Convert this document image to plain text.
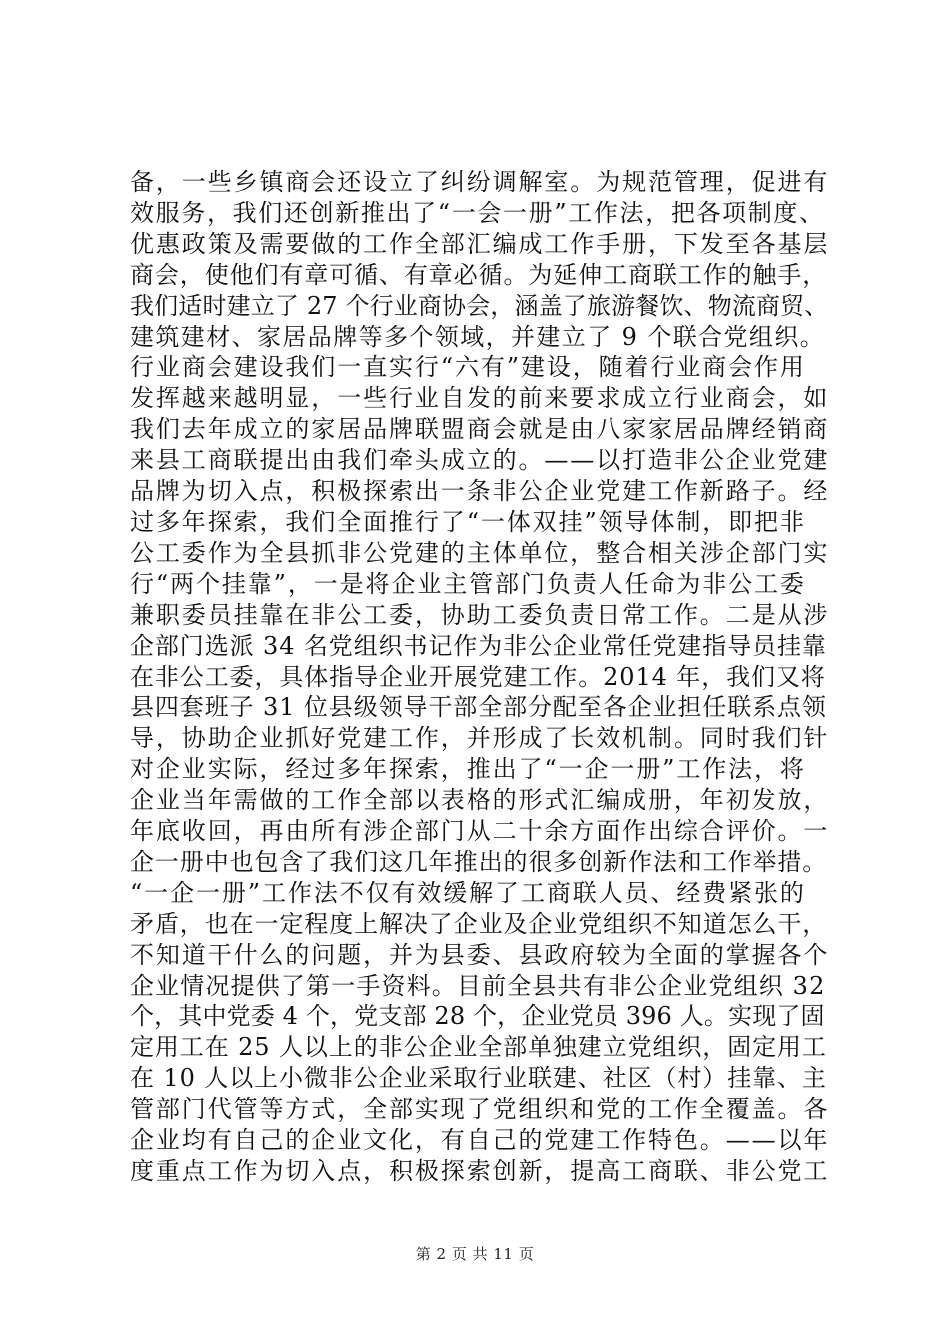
备，一些乡镇商会还设立了纠纷调解室。为规范管理，促进有
效服务，我们还创新推出了“一会一册”工作法，把各项制度、
优惠政策及需要做的工作全部汇编成工作手册，下发至各基层
商会，使他们有章可循、有章必循。为延伸工商联工作的触手，
我们适时建立了 27 个行业商协会，涵盖了旅游餐饮、物流商贸、
建筑建材、家居品牌等多个领域，并建立了 9 个联合党组织。
行业商会建设我们一直实行“六有”建设，随着行业商会作用
发挥越来越明显，一些行业自发的前来要求成立行业商会，如
我们去年成立的家居品牌联盟商会就是由八家家居品牌经销商
来县工商联提出由我们牵头成立的。——以打造非公企业党建
品牌为切入点，积极探索出一条非公企业党建工作新路子。经
过多年探索，我们全面推行了“一体双挂”领导体制，即把非
公工委作为全县抓非公党建的主体单位，整合相关涉企部门实
行“两个挂靠”，一是将企业主管部门负责人任命为非公工委
兼职委员挂靠在非公工委，协助工委负责日常工作。二是从涉
企部门选派 34 名党组织书记作为非公企业常任党建指导员挂靠
在非公工委，具体指导企业开展党建工作。2014 年，我们又将
县四套班子 31 位县级领导干部全部分配至各企业担任联系点领
导，协助企业抓好党建工作，并形成了长效机制。同时我们针
对企业实际，经过多年探索，推出了“一企一册”工作法，将
企业当年需做的工作全部以表格的形式汇编成册，年初发放，
年底收回，再由所有涉企部门从二十余方面作出综合评价。一
企一册中也包含了我们这几年推出的很多创新作法和工作举措。
“一企一册”工作法不仅有效缓解了工商联人员、经费紧张的
矛盾，也在一定程度上解决了企业及企业党组织不知道怎么干，
不知道干什么的问题，并为县委、县政府较为全面的掌握各个
企业情况提供了第一手资料。目前全县共有非公企业党组织 32
个，其中党委 4 个，党支部 28 个，企业党员 396 人。实现了固
定用工在 25 人以上的非公企业全部单独建立党组织，固定用工
在 10 人以上小微非公企业采取行业联建、社区（村）挂靠、主
管部门代管等方式，全部实现了党组织和党的工作全覆盖。各
企业均有自己的企业文化，有自己的党建工作特色。——以年
度重点工作为切入点，积极探索创新，提高工商联、非公党工
第 2 页 共 11 页
